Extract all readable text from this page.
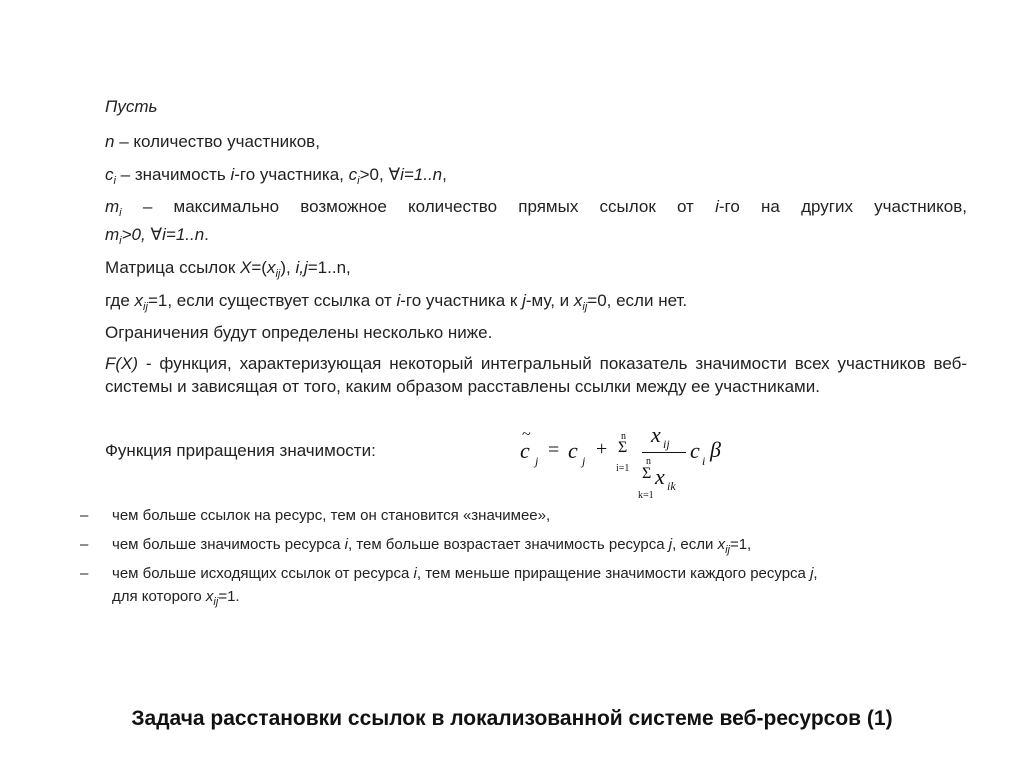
Пусть
n – количество участников,
$c_i$ – значимость i-го участника, $c_i>0$, ∀i=1..n,
$m_i$ – максимально возможное количество прямых ссылок от i-го на других участников,
$m_i>0$, ∀i=1..n.
Матрица ссылок $X=(x_{ij})$, i,j=1..n,
где $x_{ij}=1$, если существует ссылка от i-го участника к j-му, и $x_{ij}=0$, если нет.
Ограничения будут определены несколько ниже.
F(X) - функция, характеризующая некоторый интегральный показатель значимости всех участников веб-системы и зависящая от того, каким образом расставлены ссылки между ее участниками.
Функция приращения значимости:	c
~
j = c j
+
n
Σ
i=1
x ij
n
Σ x ik
k=1
c i β
– чем больше ссылок на ресурс, тем он становится «значимее»,
– чем больше значимость ресурса i, тем больше возрастает значимость ресурса j, если $x_{ij}=1$,
– чем больше исходящих ссылок от ресурса i, тем меньше приращение значимости каждого ресурса j,
для которого $x_{ij}=1$.
Задача расстановки ссылок в локализованной системе веб-ресурсов (1)
